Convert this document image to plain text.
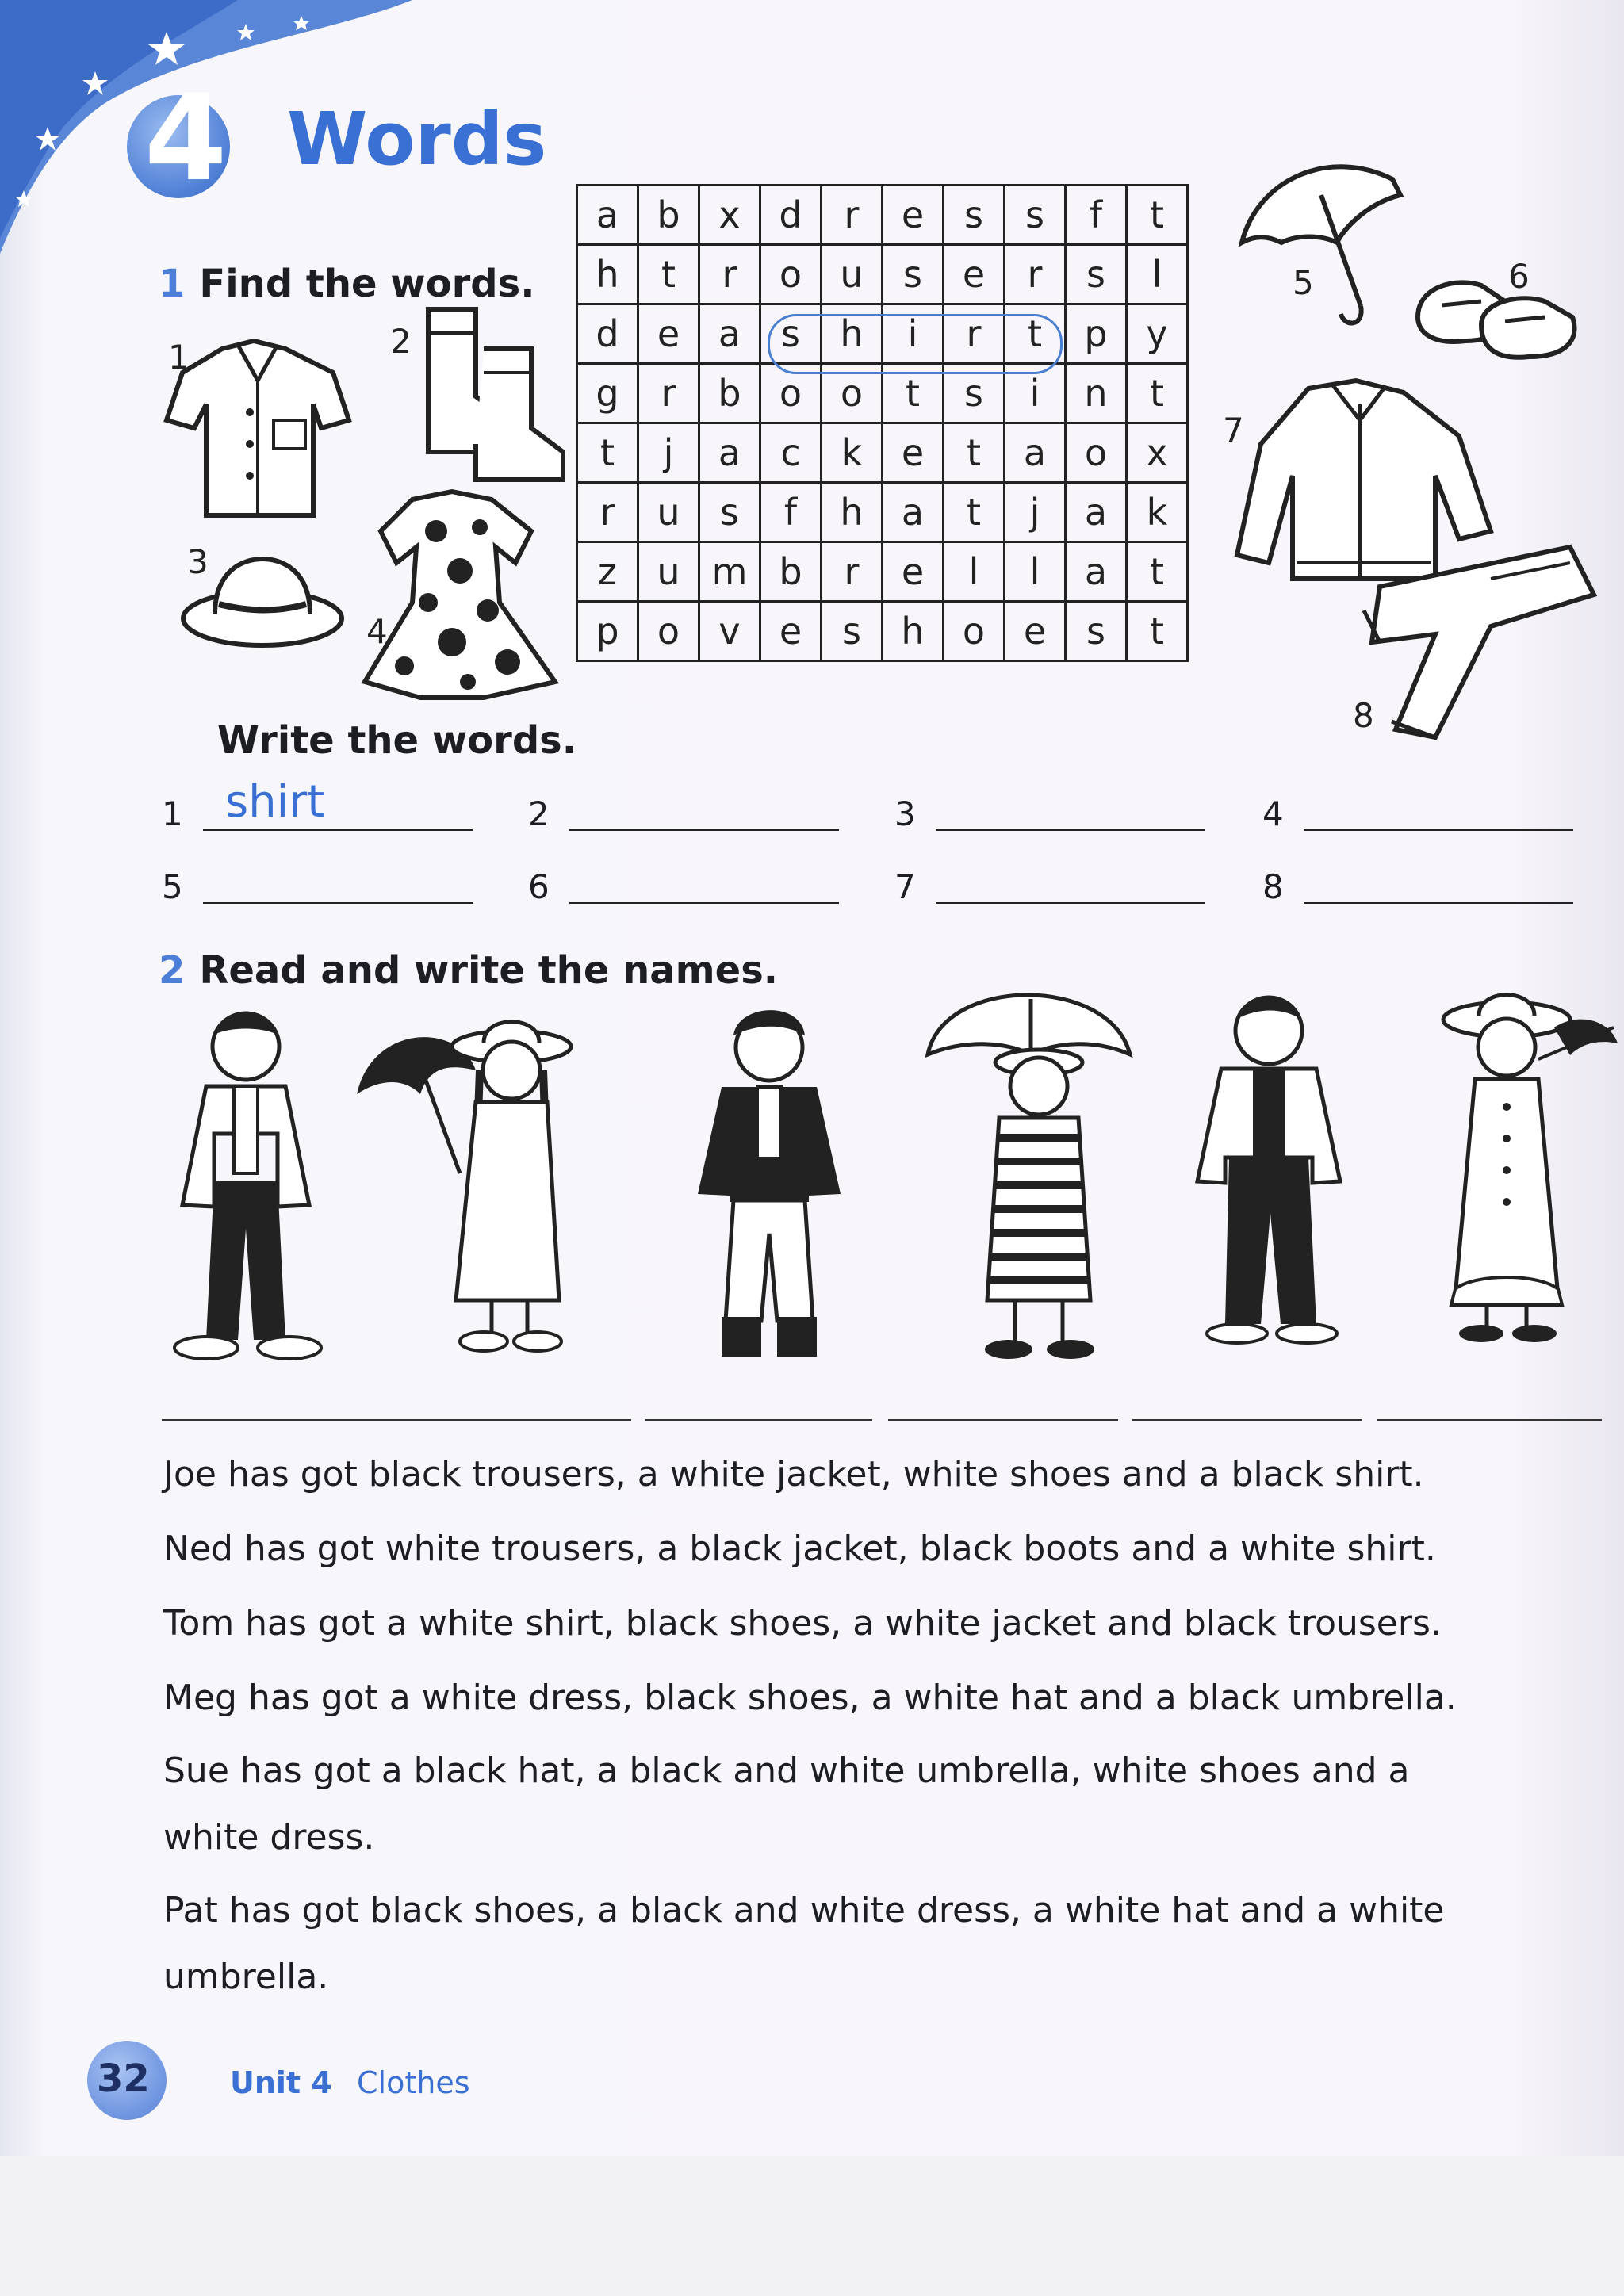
4 Words
1 Find the words.
1	2
3
4
5	6
7
8
a	b	x	d	r	e	s	s	f	t
h	t	r	o	u	s	e	r	s	l
d	e	a	s	h	i	r	t	p	y
g	r	b	o	o	t	s	i	n	t
t	j	a	c	k	e	t	a	o	x
r	u	s	f	h	a	t	j	a	k
z	u	m	b	r	e	l	l	a	t
p	o	v	e	s	h	o	e	s	t
Write the words.
1 shirt	2	3	4
5	6	7	8
2 Read and write the names.
Joe has got black trousers, a white jacket, white shoes and a black shirt.
Ned has got white trousers, a black jacket, black boots and a white shirt.
Tom has got a white shirt, black shoes, a white jacket and black trousers.
Meg has got a white dress, black shoes, a white hat and a black umbrella.
Sue has got a black hat, a black and white umbrella, white shoes and a
white dress.
Pat has got black shoes, a black and white dress, a white hat and a white
umbrella.
32	Unit 4 Clothes
